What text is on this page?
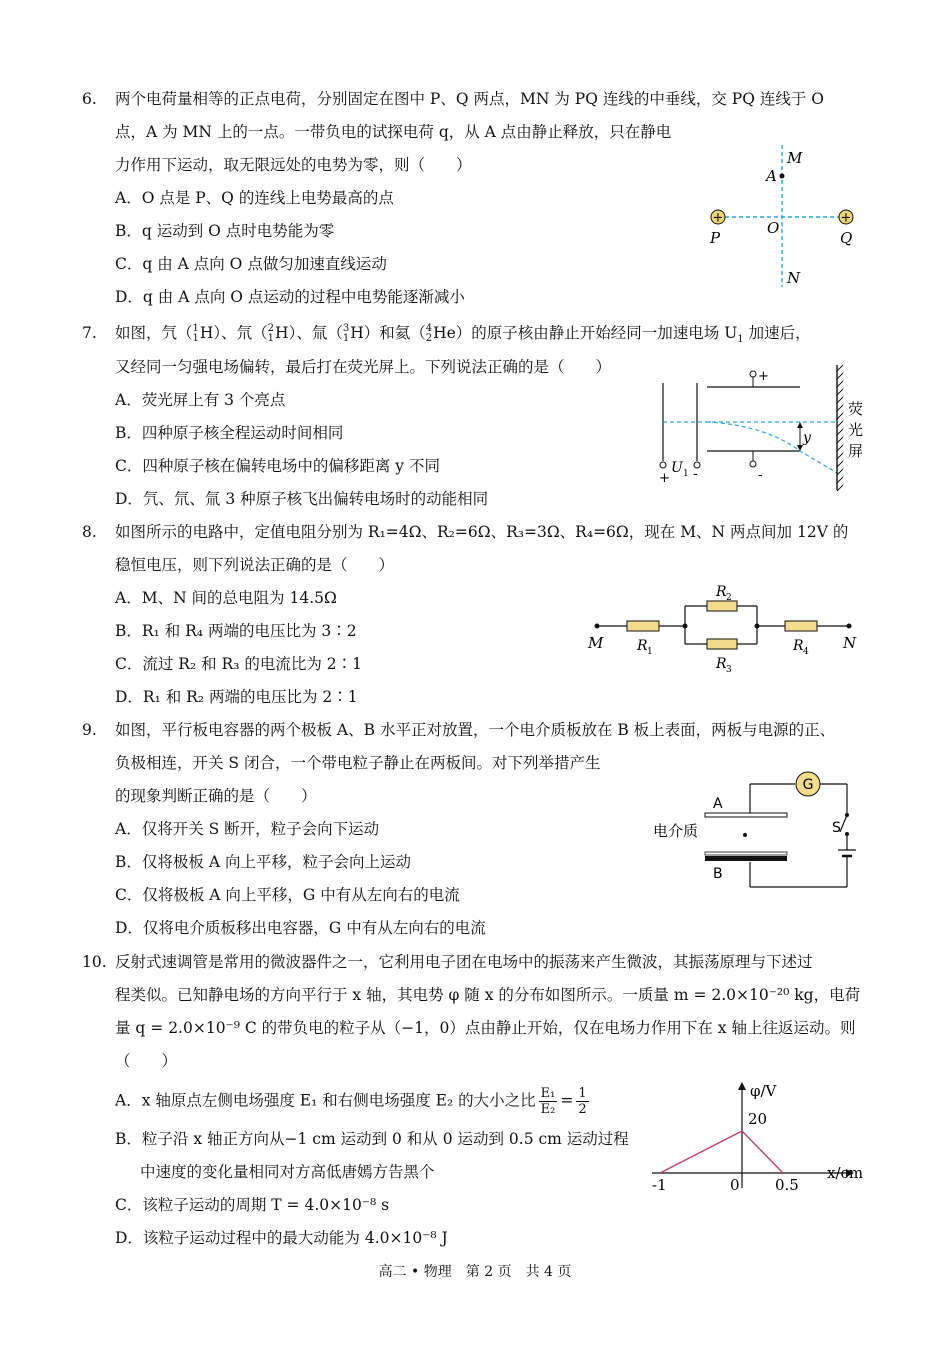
6. 两个电荷量相等的正点电荷，分别固定在图中 P、Q 两点，MN 为 PQ 连线的中垂线，交 PQ 连线于 O
点，A 为 MN 上的一点。一带负电的试探电荷 q，从 A 点由静止释放，只在静电
力作用下运动，取无限远处的电势为零，则（　　）
A．O 点是 P、Q 的连线上电势最高的点
B．q 运动到 O 点时电势能为零
C．q 由 A 点向 O 点做匀加速直线运动
D．q 由 A 点向 O 点运动的过程中电势能逐渐减小
+	+
M
A
O
N
P	Q
7. 如图，氕（ 1
1 H）、氘（ 2
1 H）、氚（ 3
1 H）和氦（ 4
2 He）的原子核由静止开始经同一加速电场 $U_1$ 加速后，
又经同一匀强电场偏转，最后打在荧光屏上。下列说法正确的是（　　）
A．荧光屏上有 3 个亮点
B．四种原子核全程运动时间相同
C．四种原子核在偏转电场中的偏移距离 y 不同
D．氕、氘、氚 3 种原子核飞出偏转电场时的动能相同
+
-
y
荧
光
屏
+
U 1 -
8. 如图所示的电路中，定值电阻分别为 R₁=4Ω、R₂=6Ω、R₃=3Ω、R₄=6Ω，现在 M、N 两点间加 12V 的
稳恒电压，则下列说法正确的是（　　）
A．M、N 间的总电阻为 14.5Ω
B．R₁ 和 R₄ 两端的电压比为 3∶2
C．流过 R₂ 和 R₃ 的电流比为 2∶1
D．R₁ 和 R₂ 两端的电压比为 2∶1
M	N
R 1
R 2
R 3
R 4
9. 如图，平行板电容器的两个极板 A、B 水平正对放置，一个电介质板放在 B 板上表面，两板与电源的正、
负极相连，开关 S 闭合，一个带电粒子静止在两板间。对下列举措产生
的现象判断正确的是（　　）
A．仅将开关 S 断开，粒子会向下运动
B．仅将极板 A 向上平移，粒子会向上运动
C．仅将极板 A 向上平移，G 中有从左向右的电流
D．仅将电介质板移出电容器，G 中有从左向右的电流
G
S
A
B
电介质
10. 反射式速调管是常用的微波器件之一，它利用电子团在电场中的振荡来产生微波，其振荡原理与下述过
程类似。已知静电场的方向平行于 x 轴，其电势 φ 随 x 的分布如图所示。一质量 m = 2.0×10⁻²⁰ kg，电荷
量 q = 2.0×10⁻⁹ C 的带负电的粒子从（−1，0）点由静止开始，仅在电场力作用下在 x 轴上往返运动。则
（　　）
A．x 轴原点左侧电场强度 E₁ 和右侧电场强度 E₂ 的大小之比 $\frac{\text{E₁}}{\text{E₂}} = \frac{1}{2}$
B．粒子沿 x 轴正方向从−1 cm 运动到 0 和从 0 运动到 0.5 cm 运动过程
中速度的变化量相同对方高低唐嫣方告黑个
C．该粒子运动的周期 T = 4.0×10⁻⁸ s
D．该粒子运动过程中的最大动能为 4.0×10⁻⁸ J
φ/V
x/cm
-1	0 0.5
20
高二 • 物理　第 2 页　共 4 页
